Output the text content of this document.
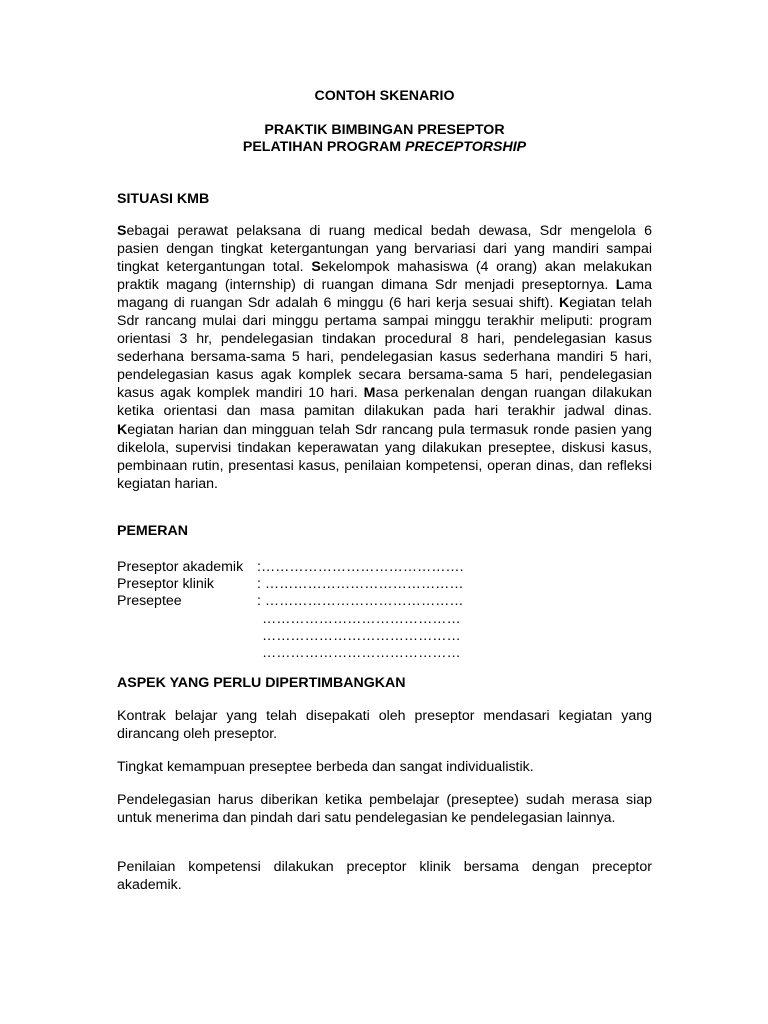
CONTOH SKENARIO

PRAKTIK BIMBINGAN PRESEPTOR

PELATIHAN PROGRAM PRECEPTORSHIP

SITUASI KMB

Sebagai perawat pelaksana di ruang medical bedah dewasa, Sdr mengelola 6 pasien dengan tingkat ketergantungan yang bervariasi dari yang mandiri sampai tingkat ketergantungan total. Sekelompok mahasiswa (4 orang) akan melakukan praktik magang (internship) di ruangan dimana Sdr menjadi preseptornya. Lama magang di ruangan Sdr adalah 6 minggu (6 hari kerja sesuai shift). Kegiatan telah Sdr rancang mulai dari minggu pertama sampai minggu terakhir meliputi: program orientasi 3 hr, pendelegasian tindakan procedural 8 hari, pendelegasian kasus sederhana bersama-sama 5 hari, pendelegasian kasus sederhana mandiri 5 hari, pendelegasian kasus agak komplek secara bersama-sama 5 hari, pendelegasian kasus agak komplek mandiri 10 hari. Masa perkenalan dengan ruangan dilakukan ketika orientasi dan masa pamitan dilakukan pada hari terakhir jadwal dinas. Kegiatan harian dan mingguan telah Sdr rancang pula termasuk ronde pasien yang dikelola, supervisi tindakan keperawatan yang dilakukan preseptee, diskusi kasus, pembinaan rutin, presentasi kasus, penilaian kompetensi, operan dinas, dan refleksi kegiatan harian.

PEMERAN

Preseptor akademik :…………………………………….
Preseptor klinik	: ……………………………………
Preseptee	: ……………………………………
……………………………………
……………………………………
……………………………………

ASPEK YANG PERLU DIPERTIMBANGKAN

Kontrak belajar yang telah disepakati oleh preseptor mendasari kegiatan yang dirancang oleh preseptor.

Tingkat kemampuan preseptee berbeda dan sangat individualistik.

Pendelegasian harus diberikan ketika pembelajar (preseptee) sudah merasa siap untuk menerima dan pindah dari satu pendelegasian ke pendelegasian lainnya.

Penilaian kompetensi dilakukan preceptor klinik bersama dengan preceptor akademik.
